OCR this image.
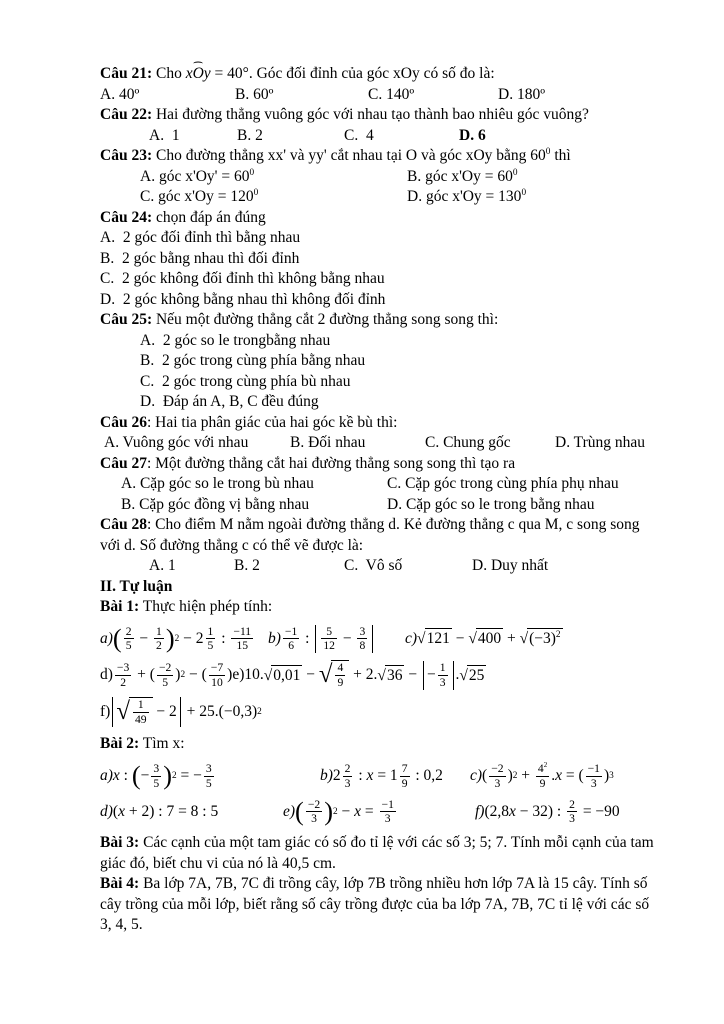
Câu 21: Cho ⌢ xOy = 40°. Góc đối đỉnh của góc xOy có số đo là:
A. 40º	B. 60º	C. 140º	D. 180º
Câu 22: Hai đường thẳng vuông góc với nhau tạo thành bao nhiêu góc vuông?
A.  1	B. 2	C.  4	D. 6
Câu 23: Cho đường thẳng xx' và yy' cắt nhau tại O và góc xOy bằng $60^0$ thì
A. góc $x'Oy' = 60^0$	B. góc $x'Oy = 60^0$
C. góc $x'Oy = 120^0$	D. góc $x'Oy = 130^0$
Câu 24: chọn đáp án đúng
A.  2 góc đối đỉnh thì bằng nhau
B.  2 góc bằng nhau thì đối đỉnh
C.  2 góc không đối đỉnh thì không bằng nhau
D.  2 góc không bằng nhau thì không đối đỉnh
Câu 25: Nếu một đường thẳng cắt 2 đường thẳng song song thì:
A.  2 góc so le trongbằng nhau
B.  2 góc trong cùng phía bằng nhau
C.  2 góc trong cùng phía bù nhau
D.  Đáp án A, B, C đều đúng
Câu 26: Hai tia phân giác của hai góc kề bù thì:
A. Vuông góc với nhau	B. Đối nhau	C. Chung gốc	D. Trùng nhau
Câu 27: Một đường thẳng cắt hai đường thẳng song song thì tạo ra
A. Cặp góc so le trong bù nhau	C. Cặp góc trong cùng phía phụ nhau
B. Cặp góc đồng vị bằng nhau	D. Cặp góc so le trong bằng nhau
Câu 28: Cho điểm M nằm ngoài đường thẳng d. Kẻ đường thẳng c qua M, c song song với d. Số đường thẳng c có thể vẽ được là:
A. 1	B. 2	C.  Vô số	D. Duy nhất
II. Tự luận
Bài 1: Thực hiện phép tính:
a) ( $\frac{2}{5} - \frac{1}{2}$ ) $2 - 2 \frac{1}{5}$ : $\frac{-11}{15} b) \frac{-1}{6}$ : $\frac{5}{12} - \frac{3}{8} c$) √ 121 − √ 400 + √ $(-3)^2$
$d) \frac{-3}{2}$ + ( $\frac{-2}{5}$ ) 2 − ( $\frac{-7}{10}$ ) e)10. √ 0,01 − √ $\frac{4}{9} + 2$. √ 36 − − $\frac{1}{3}$ . √ 25
f) √ $\frac{1}{49} - 2 + 25.(-0,3)$ 2
Bài 2: Tìm x:
a)x : ( − $\frac{3}{5}$ ) 2 = − $\frac{3}{5}$	b) $2 \frac{2}{3}$ : $x = 1 \frac{7}{9}$ : 0,2	c) ( $\frac{-2}{3}$ ) $2 + \frac{4^2}{9}$ . x = ( $\frac{-1}{3}$ ) 3
d) ( x + 2) : 7 = 8 : 5	e) ( $\frac{-2}{3}$ ) $2 - x = \frac{-1}{3}$	f) (2,8 x − 32) : $\frac{2}{3} = -90$
Bài 3: Các cạnh của một tam giác có số đo tỉ lệ với các số 3; 5; 7. Tính mỗi cạnh của tam giác đó, biết chu vi của nó là 40,5 cm.
Bài 4: Ba lớp 7A, 7B, 7C đi trồng cây, lớp 7B trồng nhiều hơn lớp 7A là 15 cây. Tính số cây trồng của mỗi lớp, biết rằng số cây trồng được của ba lớp 7A, 7B, 7C tỉ lệ với các số 3, 4, 5.
